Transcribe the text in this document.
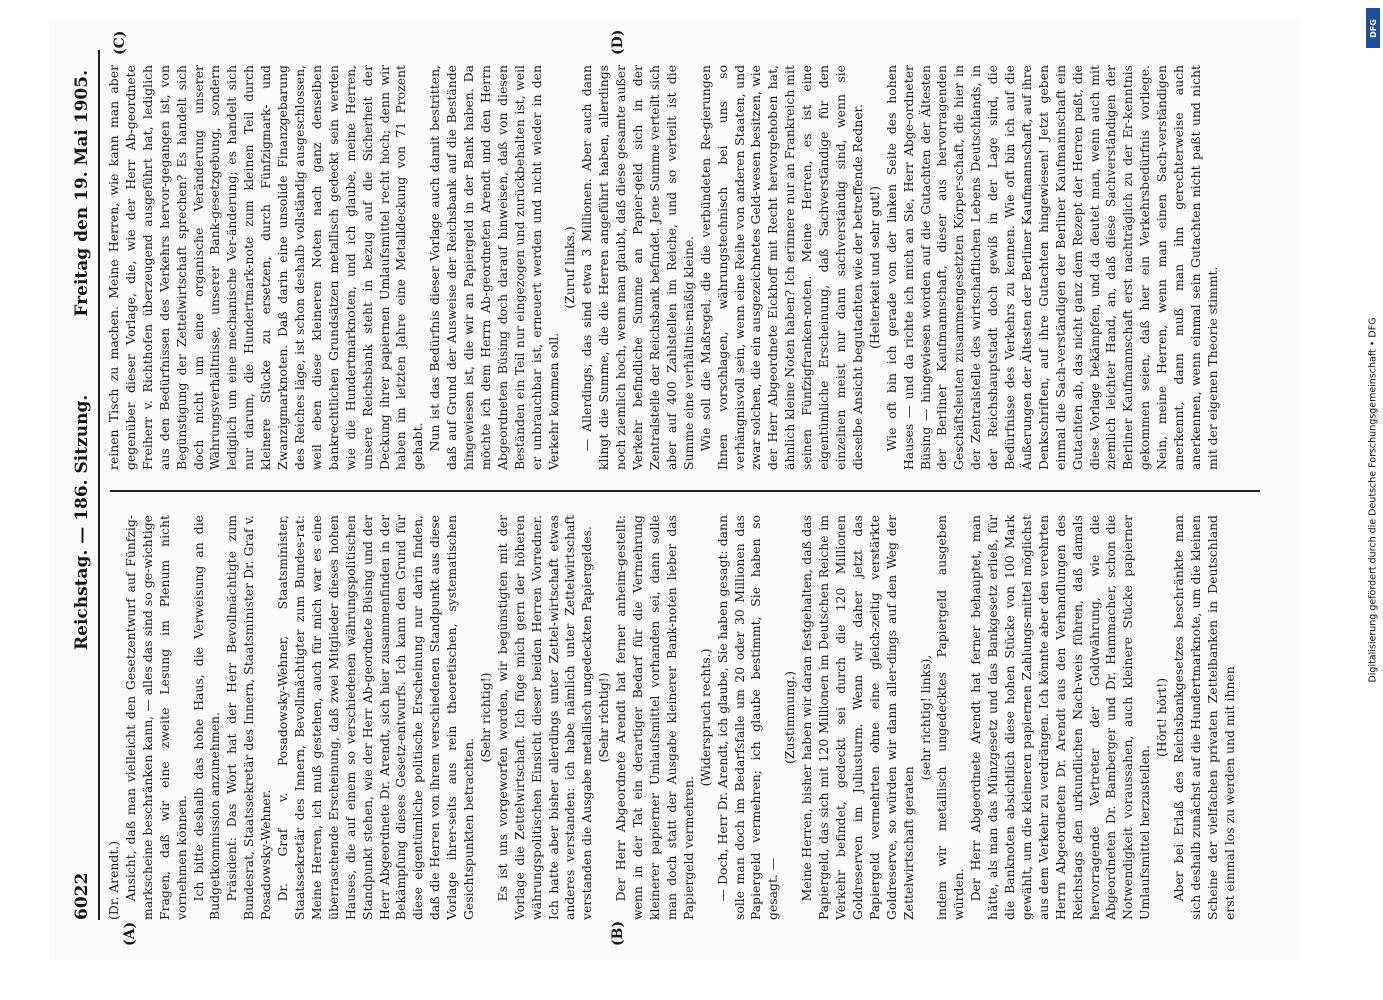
6022
Reichstag. — 186. Sitzung.
Freitag den 19. Mai 1905.
(A)	(B)
(C)	(D)

(Dr. Arendt.) Ansicht, daß man vielleicht den Gesetzentwurf auf Fünfzig-markscheine beschränken kann, — alles das sind so ge-wichtige Fragen, daß wir eine zweite Lesung im Plenum nicht vornehmen können. Ich bitte deshalb das hohe Haus, die Verweisung an die Budgetkommission anzunehmen. Präsident: Das Wort hat der Herr Bevollmächtigte zum Bundesrat, Staatssekretär des Innern, Staatsminister Dr. Graf v. Posadowsky-Wehner. Dr. Graf v. Posadowsky-Wehner, Staatsminister, Staatssekretär des Innern, Bevollmächtigter zum Bundes-rat: Meine Herren, ich muß gestehen, auch für mich war es eine überraschende Erscheinung, daß zwei Mitglieder dieses hohen Hauses, die auf einem so verschiedenen währungspolitischen Standpunkt stehen, wie der Herr Ab-geordnete Büsing und der Herr Abgeordnete Dr. Arendt, sich hier zusammenfinden in der Bekämpfung dieses Gesetz-entwurfs. Ich kann den Grund für diese eigentümliche politische Erscheinung nur darin finden, daß die Herren von ihrem verschiedenen Standpunkt aus diese Vorlage ihrer-seits aus rein theoretischen, systematischen Gesichtspunkten betrachten.

(Sehr richtig!) Es ist uns vorgeworfen worden, wir begünstigten mit der Vorlage die Zettelwirtschaft. Ich füge mich gern der höheren währungspolitischen Einsicht dieser beiden Herren Vorredner. Ich hatte aber bisher allerdings unter Zettel-wirtschaft etwas anderes verstanden: ich habe nämlich unter Zettelwirtschaft verstanden die Ausgabe metallisch ungedeckten Papiergeldes. (Sehr richtig!) Der Herr Abgeordnete Arendt hat ferner anheim-gestellt: wenn in der Tat ein derartiger Bedarf für die Vermehrung kleinerer papierner Umlaufsmittel vorhanden sei, dann solle man doch statt der Ausgabe kleinerer Bank-noten lieber das Papiergeld vermehren.

(Widerspruch rechts.) — Doch, Herr Dr. Arendt, ich glaube, Sie haben gesagt: dann solle man doch im Bedarfsfalle um 20 oder 30 Millionen das Papiergeld vermehren; ich glaube bestimmt, Sie haben so gesagt. —

(Zustimmung.) Meine Herren, bisher haben wir daran festgehalten, daß das Papiergeld, das sich mit 120 Millionen im Deutschen Reiche im Verkehr befindet, gedeckt sei durch die 120 Millionen Goldreserven im Juliusturm. Wenn wir daher jetzt das Papiergeld vermehrten ohne eine gleich-zeitig verstärkte Goldreserve, so würden wir dann aller-dings auf den Weg der Zettelwirtschaft geraten

(sehr richtig! links), indem wir metallisch ungedecktes Papiergeld ausgeben würden. Der Herr Abgeordnete Arendt hat ferner behauptet, man hätte, als man das Münzgesetz und das Bankgesetz erließ, für die Banknoten absichtlich diese hohen Stücke von 100 Mark gewählt, um die kleineren papiernen Zahlungs-mittel möglichst aus dem Verkehr zu verdrängen. Ich könnte aber den verehrten Herrn Abgeordneten Dr. Arendt aus den Verhandlungen des Reichstags den urkundlichen Nach-weis führen, daß damals hervorragende Vertreter der Goldwährung, wie die Abgeordneten Dr. Bamberger und Dr. Hammacher, schon die Notwendigkeit voraussahen, auch kleinere Stücke papierner Umlaufsmittel herzustellen.

(Hört! hört!) Aber bei Erlaß des Reichsbankgesetzes beschränkte man sich deshalb zunächst auf die Hundertmarknote, um die kleinen Scheine der vielfachen privaten Zettelbanken in Deutschland erst einmal los zu werden und mit ihnen

reinen Tisch zu machen. Meine Herren, wie kann man aber gegenüber dieser Vorlage, die, wie der Herr Ab-geordnete Freiherr v. Richthofen überzeugend ausgeführt hat, lediglich aus den Bedürfnissen des Verkehrs hervor-gegangen ist, von Begünstigung der Zettelwirtschaft sprechen? Es handelt sich doch nicht um eine organische Veränderung unserer Währungsverhältnisse, unserer Bank-gesetzgebung, sondern lediglich um eine mechanische Ver-änderung; es handelt sich nur darum, die Hundertmark-note zum kleinen Teil durch kleinere Stücke zu ersetzen, durch Fünfzigmark- und Zwanzigmarknoten. Daß darin eine unsolide Finanzgebarung des Reiches läge, ist schon deshalb vollständig ausgeschlossen, weil eben diese kleineren Noten nach ganz denselben bankrechtlichen Grundsätzen metallisch gedeckt sein werden wie die Hundertmarknoten, und ich glaube, meine Herren, unsere Reichsbank steht in bezug auf die Sicherheit der Deckung ihrer papiernen Umlaufsmittel recht hoch; denn wir haben im letzten Jahre eine Metalldeckung von 71 Prozent gehabt. Nun ist das Bedürfnis dieser Vorlage auch damit bestritten, daß auf Grund der Ausweise der Reichsbank auf die Bestände hingewiesen ist, die wir an Papiergeld in der Bank haben. Da möchte ich dem Herrn Ab-geordneten Arendt und den Herrn Abgeordneten Büsing doch darauf hinweisen, daß von diesen Beständen ein Teil nur eingezogen und zurückbehalten ist, weil er unbrauchbar ist, erneuert werden und nicht wieder in den Verkehr kommen soll.

(Zuruf links.) — Allerdings, das sind etwa 3 Millionen. Aber auch dann klingt die Summe, die die Herren angeführt haben, allerdings noch ziemlich hoch, wenn man glaubt, daß diese gesamte außer Verkehr befindliche Summe an Papier-geld sich in der Zentralstelle der Reichsbank befindet. Jene Summe verteilt sich aber auf 400 Zahlstellen im Reiche, und so verteilt ist die Summe eine verhältnis-mäßig kleine. Wie soll die Maßregel, die die verbündeten Re-gierungen Ihnen vorschlagen, währungstechnisch bei uns so verhängnisvoll sein, wenn eine Reihe von anderen Staaten, und zwar solchen, die ein ausgezeichnetes Geld-wesen besitzen, wie der Herr Abgeordnete Eickhoff mit Recht hervorgehoben hat, ähnlich kleine Noten haben? Ich erinnere nur an Frankreich mit seinen Fünfzigfranken-noten. Meine Herren, es ist eine eigentümliche Erscheinung, daß Sachverständige für den einzelnen meist nur dann sachverständig sind, wenn sie dieselbe Ansicht begutachten wie der betreffende Redner. (Heiterkeit und sehr gut!) Wie oft bin ich gerade von der linken Seite des hohen Hauses — und da richte ich mich an Sie, Herr Abge-ordneter Büsing — hingewiesen worden auf die Gutachten der Ältesten der Berliner Kaufmannschaft, dieser aus hervorragenden Geschäftsleuten zusammengesetzten Körper-schaft, die hier in der Zentralstelle des wirtschaftlichen Lebens Deutschlands, in der Reichshauptstadt doch gewiß in der Lage sind, die Bedürfnisse des Verkehrs zu kennen. Wie oft bin ich auf die Äußerungen der Ältesten der Berliner Kaufmannschaft, auf ihre Denkschriften, auf ihre Gutachten hingewiesen! Jetzt geben einmal die Sach-verständigen der Berliner Kaufmannschaft ein Gutachten ab, das nicht ganz dem Rezept der Herren paßt, die diese Vorlage bekämpfen, und da deutet man, wenn auch mit ziemlich leichter Hand, an, daß diese Sachverständigen der Berliner Kaufmannschaft erst nachträglich zu der Er-kenntnis gekommen seien, daß hier ein Verkehrsbedürfnis vorliege. Nein, meine Herren, wenn man einen Sach-verständigen anerkennt, dann muß man ihn gerechterweise auch anerkennen, wenn einmal sein Gutachten nicht paßt und nicht mit der eigenen Theorie stimmt.	Digitalisierung gefördert durch die Deutsche Forschungsgemeinschaft • DFG
DFG
